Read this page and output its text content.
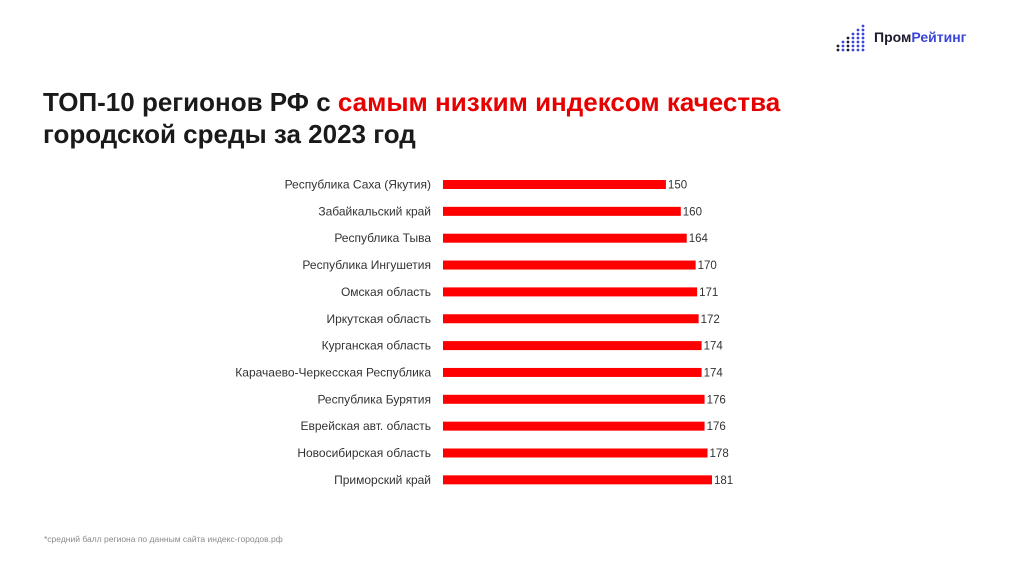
ПромРейтинг
ТОП-10 регионов РФ с самым низким индексом качества
городской среды за 2023 год
Республика Саха (Якутия)	150
Забайкальский край	160
Республика Тыва	164
Республика Ингушетия	170
Омская область	171
Иркутская область	172
Курганская область	174
Карачаево-Черкесская Республика	174
Республика Бурятия	176
Еврейская авт. область	176
Новосибирская область	178
Приморский край	181
*средний балл региона по данным сайта индекс-городов.рф
